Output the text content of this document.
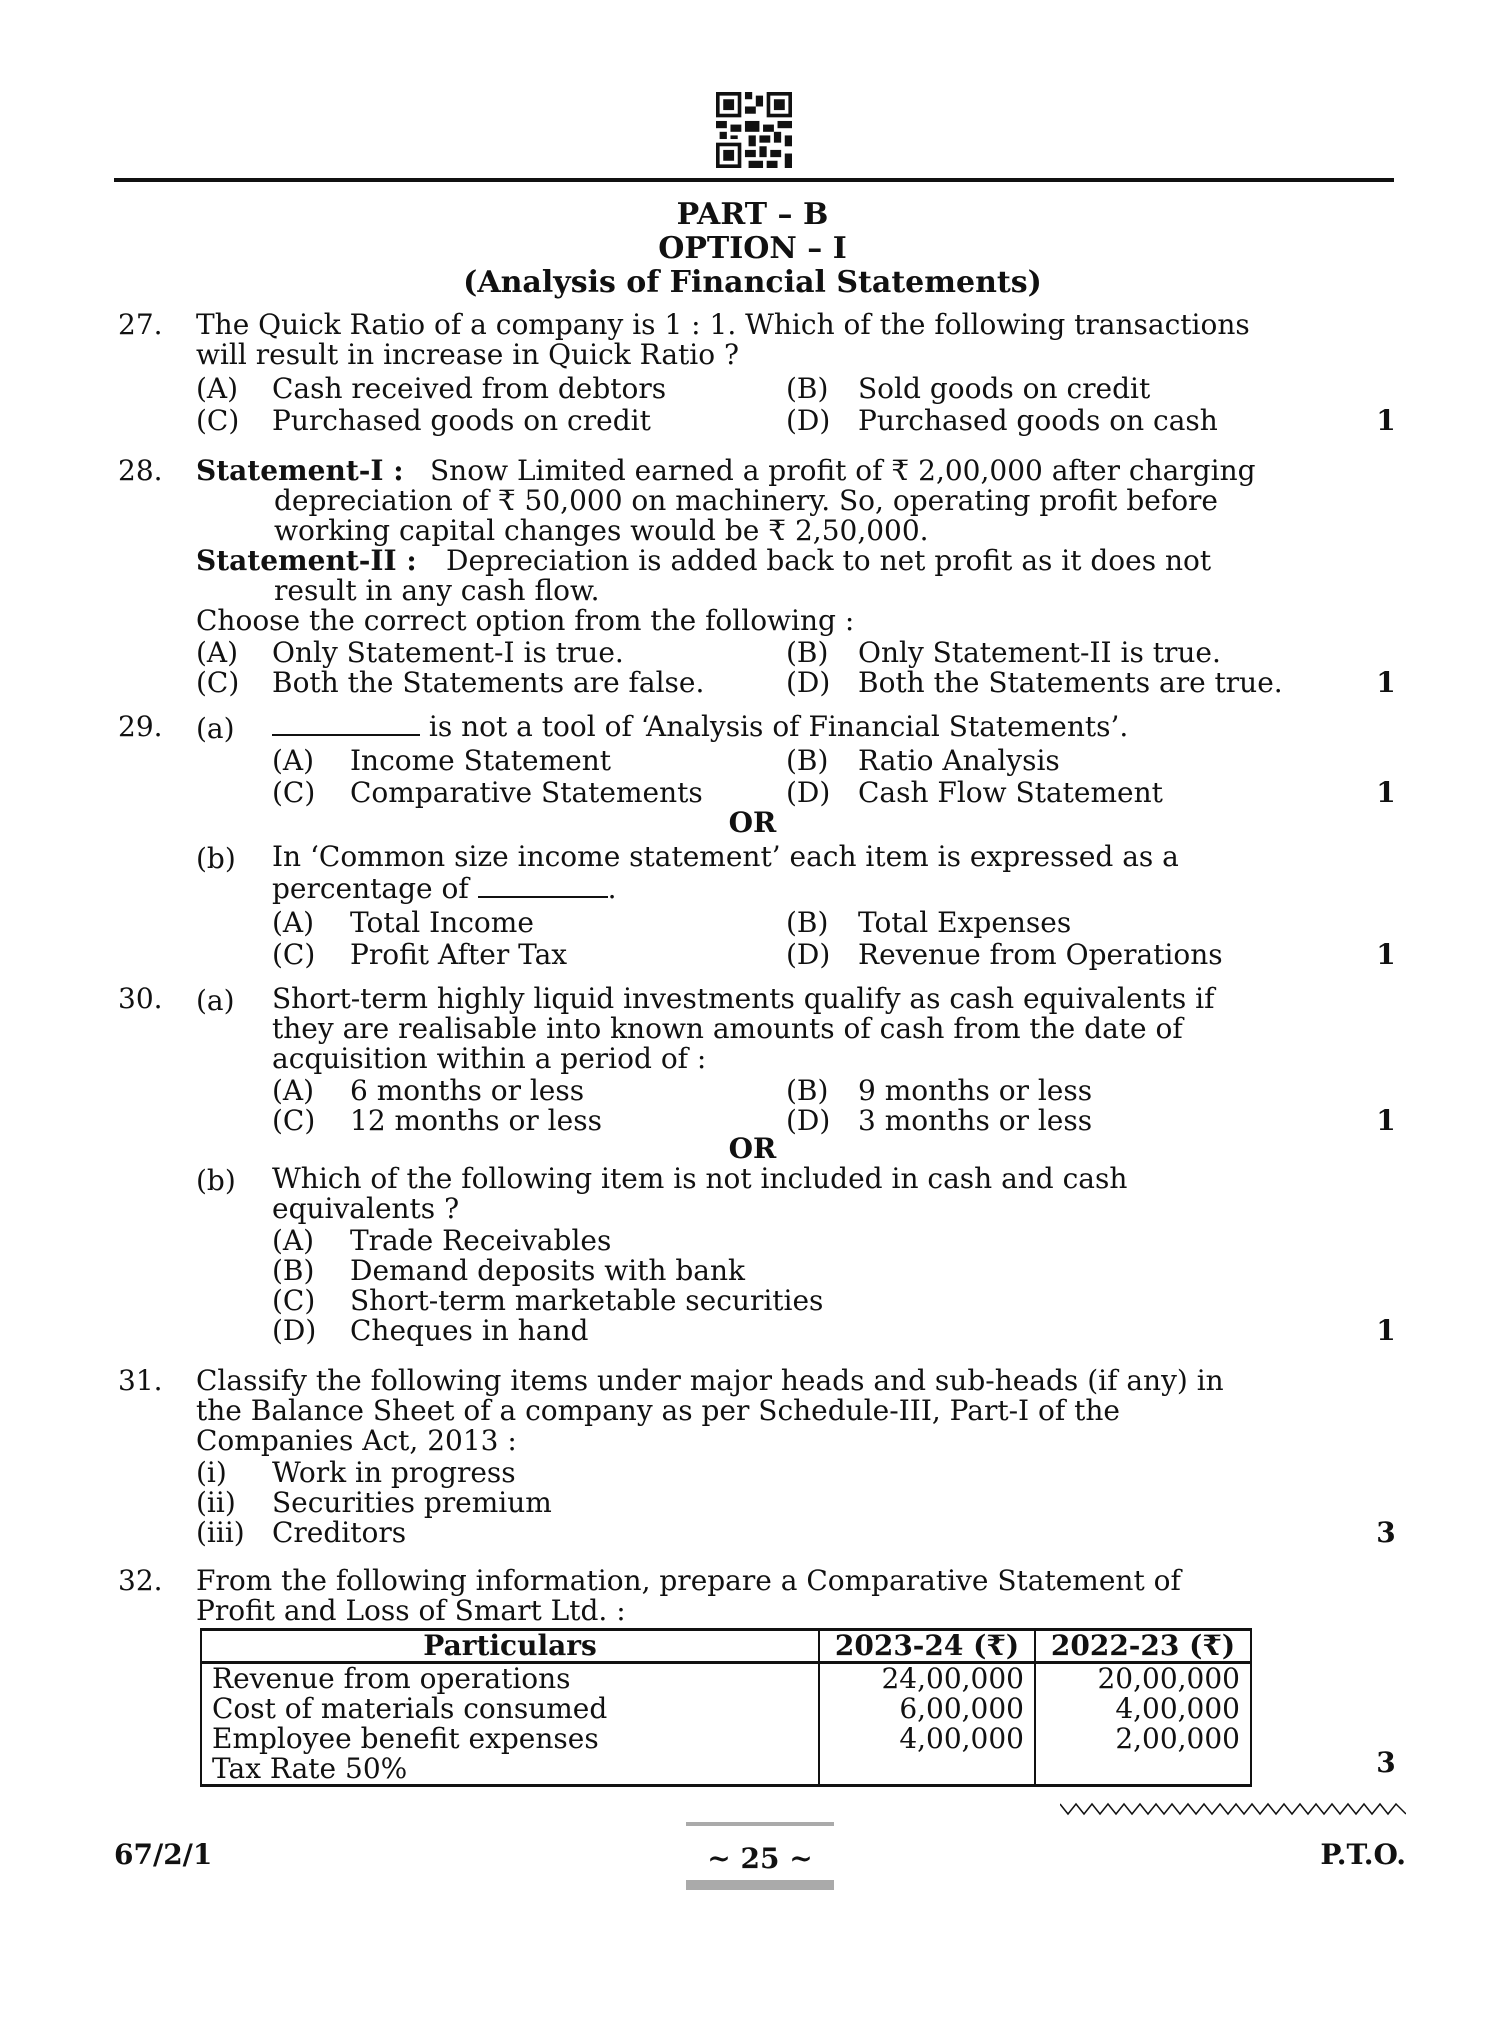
PART – B
OPTION – I
(Analysis of Financial Statements)
27.	The Quick Ratio of a company is 1 : 1. Which of the following transactions
will result in increase in Quick Ratio ?
(A) Cash received from debtors	(B) Sold goods on credit
(C) Purchased goods on credit	(D) Purchased goods on cash	1
28.	Statement-I : Snow Limited earned a profit of ₹ 2,00,000 after charging
depreciation of ₹ 50,000 on machinery. So, operating profit before
working capital changes would be ₹ 2,50,000.
Statement-II : Depreciation is added back to net profit as it does not
result in any cash flow.
Choose the correct option from the following :
(A) Only Statement-I is true.	(B) Only Statement-II is true.
(C) Both the Statements are false.	(D) Both the Statements are true.	1
29.	(a)	is not a tool of ‘Analysis of Financial Statements’.
(A) Income Statement	(B) Ratio Analysis
(C) Comparative Statements	(D) Cash Flow Statement	1
OR
(b)	In ‘Common size income statement’ each item is expressed as a
percentage of	.
(A) Total Income	(B) Total Expenses
(C) Profit After Tax	(D) Revenue from Operations	1
30.	(a)	Short-term highly liquid investments qualify as cash equivalents if
they are realisable into known amounts of cash from the date of
acquisition within a period of :
(A) 6 months or less	(B) 9 months or less
(C) 12 months or less	(D) 3 months or less	1
OR
(b)	Which of the following item is not included in cash and cash
equivalents ?
(A) Trade Receivables
(B) Demand deposits with bank
(C) Short-term marketable securities
(D) Cheques in hand	1
31.	Classify the following items under major heads and sub-heads (if any) in
the Balance Sheet of a company as per Schedule-III, Part-I of the
Companies Act, 2013 :
(i) Work in progress
(ii) Securities premium
(iii) Creditors	3
32.	From the following information, prepare a Comparative Statement of
Profit and Loss of Smart Ltd. :
Particulars	2023-24 (₹)	2022-23 (₹)
Revenue from operations	24,00,000	20,00,000
Cost of materials consumed	6,00,000	4,00,000
Employee benefit expenses	4,00,000	2,00,000
Tax Rate 50%			3
67/2/1	~ 25 ~	P.T.O.
